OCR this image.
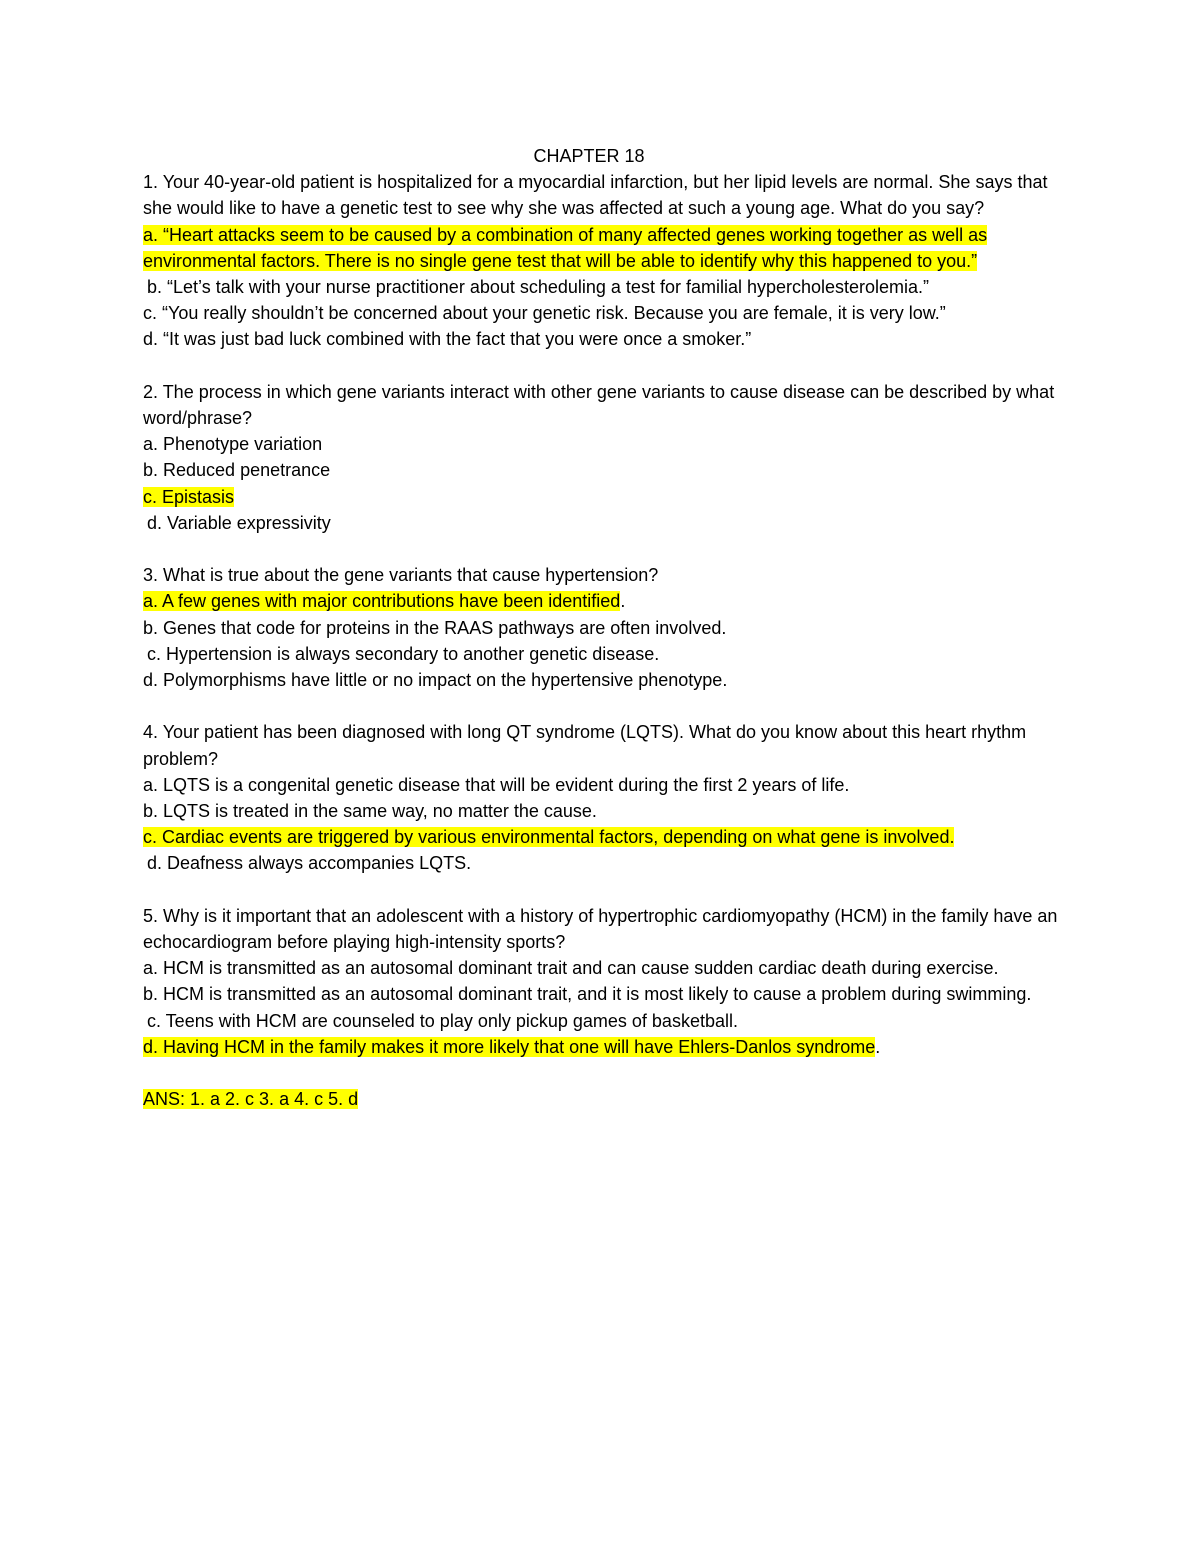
CHAPTER 18

1. Your 40-year-old patient is hospitalized for a myocardial infarction, but her lipid levels are normal. She says that she would like to have a genetic test to see why she was affected at such a young age. What do you say?

a. “Heart attacks seem to be caused by a combination of many affected genes working together as well as environmental factors. There is no single gene test that will be able to identify why this happened to you.”

b. “Let’s talk with your nurse practitioner about scheduling a test for familial hypercholesterolemia.”

c. “You really shouldn’t be concerned about your genetic risk. Because you are female, it is very low.”

d. “It was just bad luck combined with the fact that you were once a smoker.”

2. The process in which gene variants interact with other gene variants to cause disease can be described by what word/phrase?

a. Phenotype variation

b. Reduced penetrance

c. Epistasis

d. Variable expressivity

3. What is true about the gene variants that cause hypertension?

a. A few genes with major contributions have been identified.

b. Genes that code for proteins in the RAAS pathways are often involved.

c. Hypertension is always secondary to another genetic disease.

d. Polymorphisms have little or no impact on the hypertensive phenotype.

4. Your patient has been diagnosed with long QT syndrome (LQTS). What do you know about this heart rhythm problem?

a. LQTS is a congenital genetic disease that will be evident during the first 2 years of life.

b. LQTS is treated in the same way, no matter the cause.

c. Cardiac events are triggered by various environmental factors, depending on what gene is involved.

d. Deafness always accompanies LQTS.

5. Why is it important that an adolescent with a history of hypertrophic cardiomyopathy (HCM) in the family have an echocardiogram before playing high-intensity sports?

a. HCM is transmitted as an autosomal dominant trait and can cause sudden cardiac death during exercise.

b. HCM is transmitted as an autosomal dominant trait, and it is most likely to cause a problem during swimming.

c. Teens with HCM are counseled to play only pickup games of basketball.

d. Having HCM in the family makes it more likely that one will have Ehlers-Danlos syndrome.

ANS: 1. a 2. c 3. a 4. c 5. d
